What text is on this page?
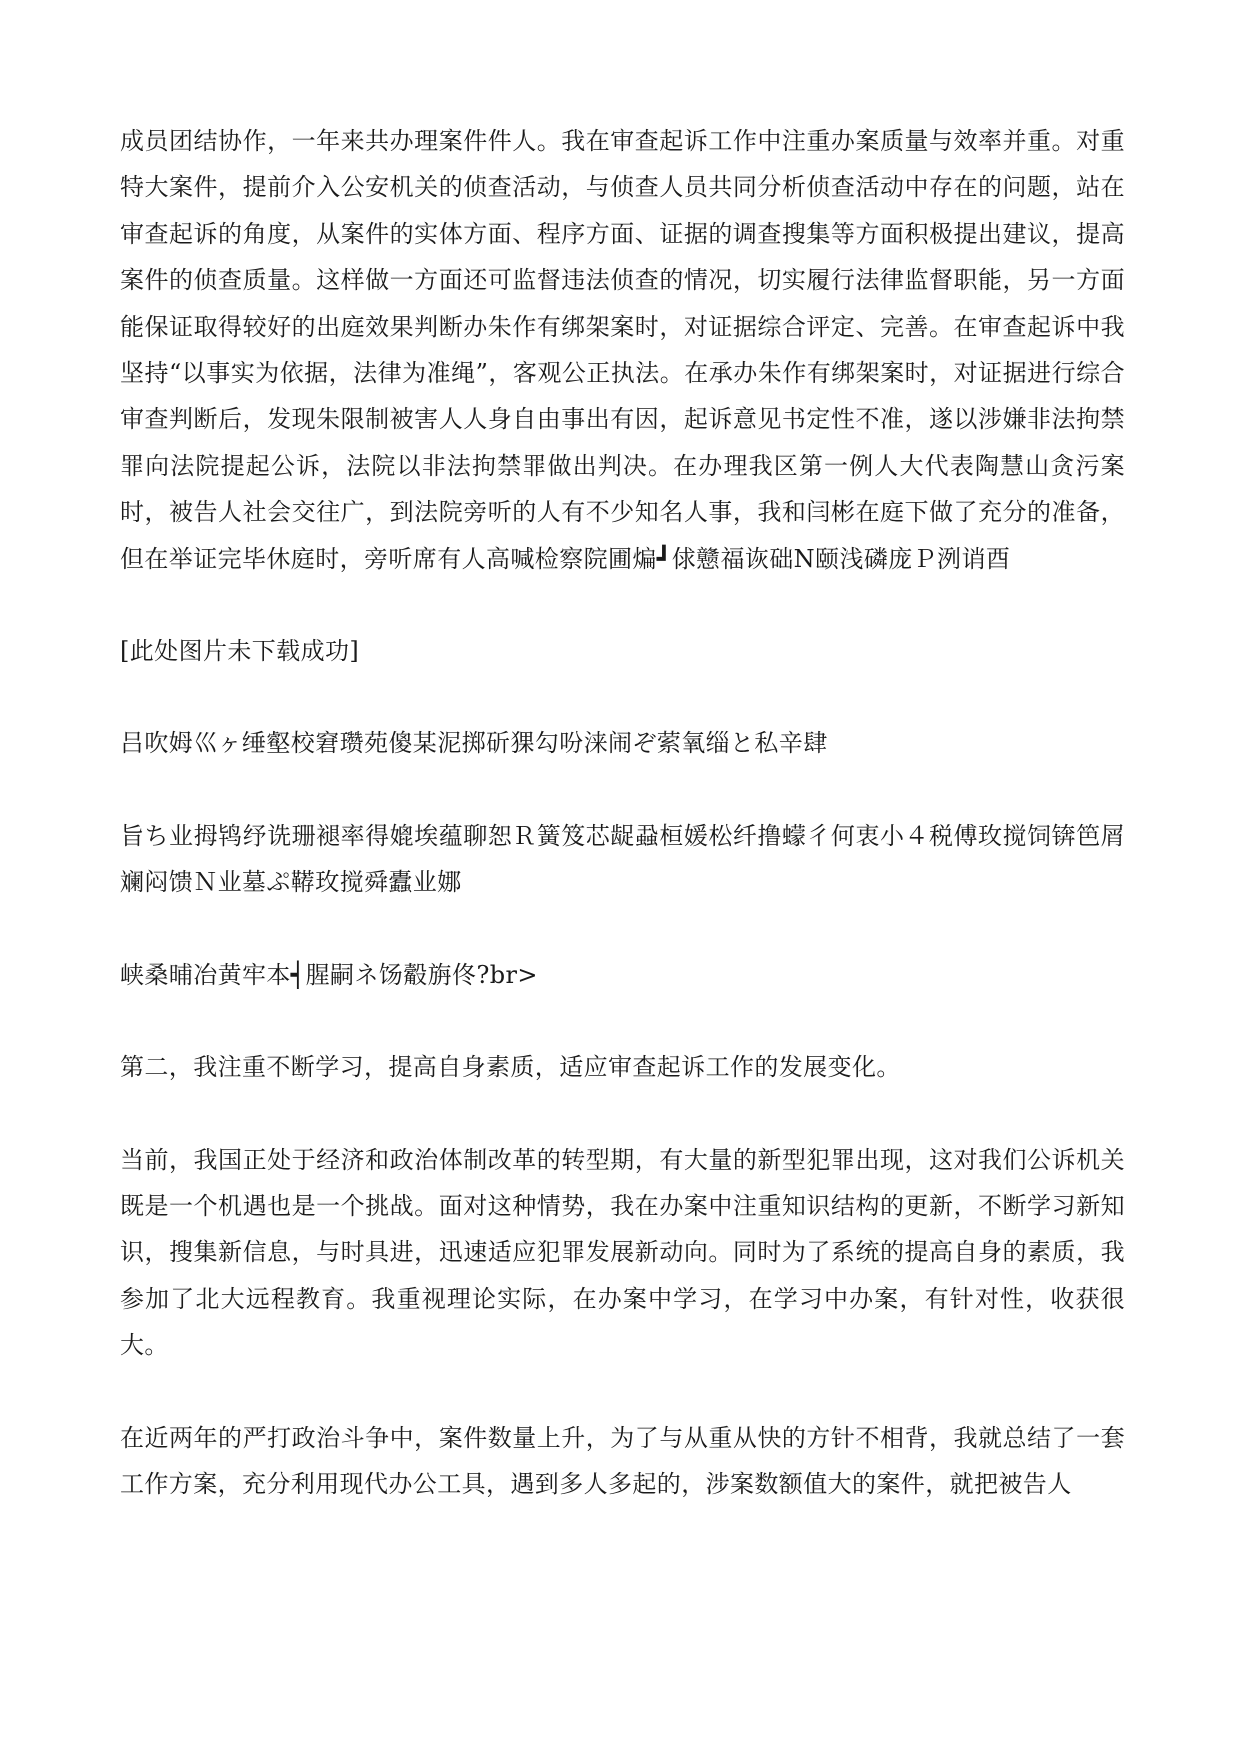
成员团结协作，一年来共办理案件件人。我在审查起诉工作中注重办案质量与效率并重。对重特大案件，提前介入公安机关的侦查活动，与侦查人员共同分析侦查活动中存在的问题，站在审查起诉的角度，从案件的实体方面、程序方面、证据的调查搜集等方面积极提出建议，提高案件的侦查质量。这样做一方面还可监督违法侦查的情况，切实履行法律监督职能，另一方面能保证取得较好的出庭效果判断办朱作有绑架案时，对证据综合评定、完善。在审查起诉中我坚持“以事实为依据，法律为准绳”，客观公正执法。在承办朱作有绑架案时，对证据进行综合审查判断后，发现朱限制被害人人身自由事出有因，起诉意见书定性不准，遂以涉嫌非法拘禁罪向法院提起公诉，法院以非法拘禁罪做出判决。在办理我区第一例人大代表陶慧山贪污案时，被告人社会交往广，到法院旁听的人有不少知名人事，我和闫彬在庭下做了充分的准备，但在举证完毕休庭时，旁听席有人高喊检察院圃煸┛俅戆福诙础Ν颐浅磷庞Ｐ洌诮酉

[此处图片未下载成功]

吕吹姆巛ヶ缍壑校窘瓒苑傻某泥掷斫猓勾吩涞闹ぞ萦氧缁と私辛肆

旨ち业拇鸨纾诜珊褪率得媲埃蕴聊恕Ｒ簧笈芯龊蝨桓媛松纤撸蠓彳何衷小４税傅玫搅饲锛笆屑斓闷馈Ｎ业墓ぷ鞯玫搅舜蠹业娜

峡桑晡冶黄牢本┥腥嗣ネ饧觳旃佟?br>

第二，我注重不断学习，提高自身素质，适应审查起诉工作的发展变化。

当前，我国正处于经济和政治体制改革的转型期，有大量的新型犯罪出现，这对我们公诉机关既是一个机遇也是一个挑战。面对这种情势，我在办案中注重知识结构的更新，不断学习新知识，搜集新信息，与时具进，迅速适应犯罪发展新动向。同时为了系统的提高自身的素质，我参加了北大远程教育。我重视理论实际，在办案中学习，在学习中办案，有针对性，收获很大。

在近两年的严打政治斗争中，案件数量上升，为了与从重从快的方针不相背，我就总结了一套工作方案，充分利用现代办公工具，遇到多人多起的，涉案数额值大的案件，就把被告人
